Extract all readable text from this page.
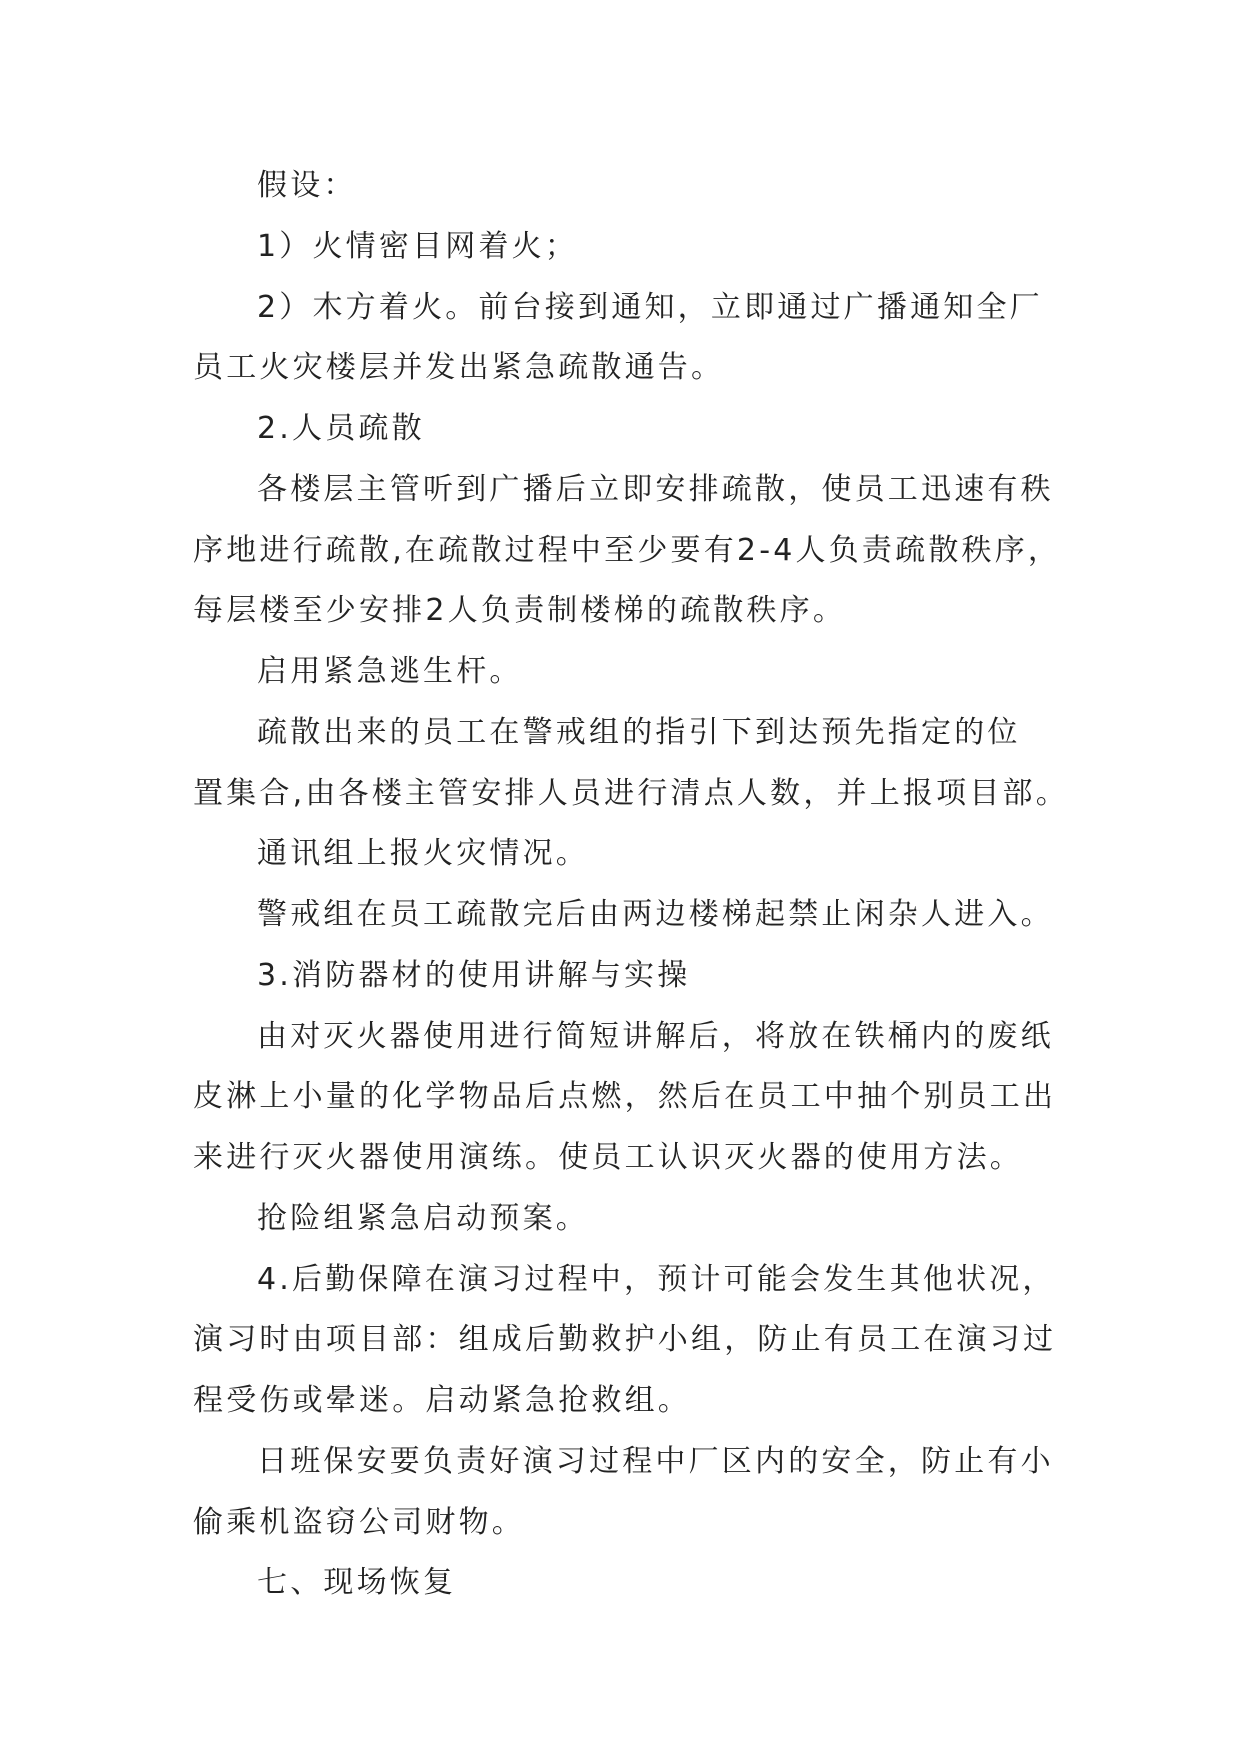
假设：
1）火情密目网着火；
2）木方着火。前台接到通知，立即通过广播通知全厂
员工火灾楼层并发出紧急疏散通告。
2.人员疏散
各楼层主管听到广播后立即安排疏散，使员工迅速有秩
序地进行疏散,在疏散过程中至少要有2-4人负责疏散秩序，
每层楼至少安排2人负责制楼梯的疏散秩序。
启用紧急逃生杆。
疏散出来的员工在警戒组的指引下到达预先指定的位
置集合,由各楼主管安排人员进行清点人数，并上报项目部。
通讯组上报火灾情况。
警戒组在员工疏散完后由两边楼梯起禁止闲杂人进入。
3.消防器材的使用讲解与实操
由对灭火器使用进行简短讲解后，将放在铁桶内的废纸
皮淋上小量的化学物品后点燃，然后在员工中抽个别员工出
来进行灭火器使用演练。使员工认识灭火器的使用方法。
抢险组紧急启动预案。
4.后勤保障在演习过程中，预计可能会发生其他状况，
演习时由项目部：组成后勤救护小组，防止有员工在演习过
程受伤或晕迷。启动紧急抢救组。
日班保安要负责好演习过程中厂区内的安全，防止有小
偷乘机盗窃公司财物。
七、现场恢复
